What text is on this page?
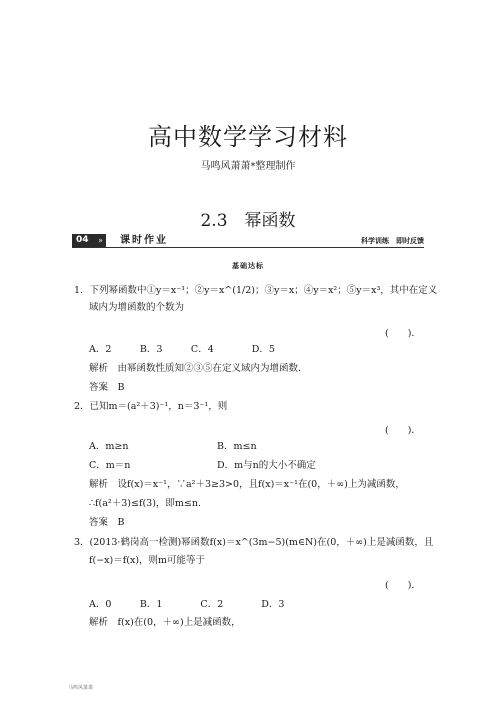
高中数学学习材料
马鸣风萧萧*整理制作
2.3　幂函数
04	» 课时作业	科学训练　即时反馈
基础达标
1．下列幂函数中①y＝x⁻¹；②y＝x^(1/2)；③y＝x；④y＝x²；⑤y＝x³，其中在定义
域内为增函数的个数为
(　　)．
A．2　　　B．3　　　C．4　　　　D．5
解析　由幂函数性质知②③⑤在定义域内为增函数．
答案　B
2．已知m＝(a²＋3)⁻¹，n＝3⁻¹，则
(　　)．
A．m≥n	B．m≤n
C．m＝n	D．m与n的大小不确定
解析　设f(x)＝x⁻¹，∵a²＋3≥3>0，且f(x)＝x⁻¹在(0，＋∞)上为减函数，
∴f(a²＋3)≤f(3)，即m≤n.
答案　B
3．(2013·鹤岗高一检测)幂函数f(x)＝x^(3m−5)(m∈N)在(0，＋∞)上是减函数，且
f(−x)＝f(x)，则m可能等于
(　　)．
A．0　　　B．1　　　　C．2　　　　D．3
解析　f(x)在(0，＋∞)上是减函数，
马鸣风萧萧
